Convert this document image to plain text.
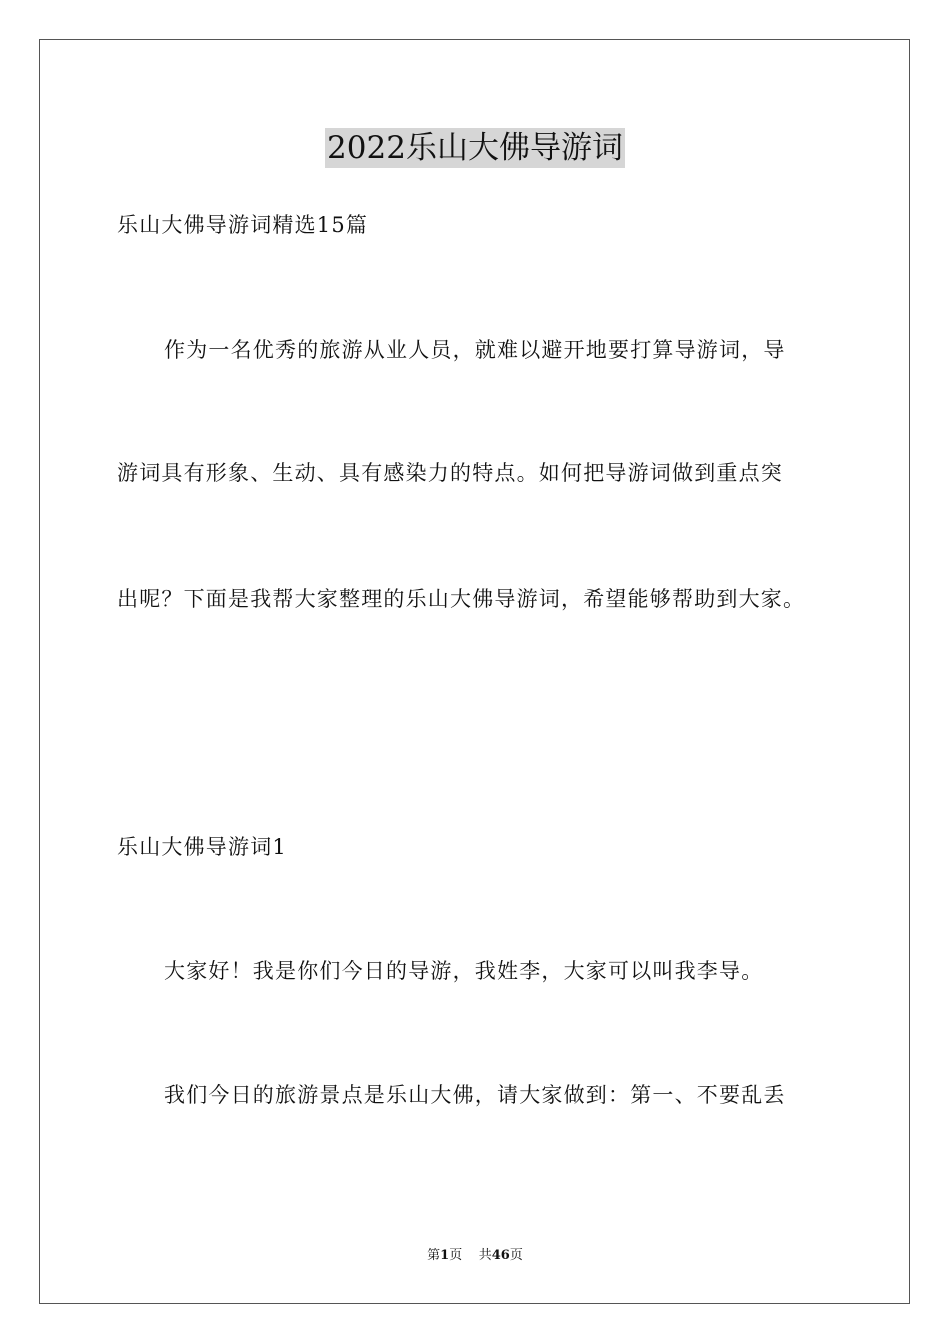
2022乐山大佛导游词
乐山大佛导游词精选15篇
作为一名优秀的旅游从业人员，就难以避开地要打算导游词，导
游词具有形象、生动、具有感染力的特点。如何把导游词做到重点突
出呢？下面是我帮大家整理的乐山大佛导游词，希望能够帮助到大家。
乐山大佛导游词1
大家好！我是你们今日的导游，我姓李，大家可以叫我李导。
我们今日的旅游景点是乐山大佛，请大家做到：第一、不要乱丢
第1页 共46页
